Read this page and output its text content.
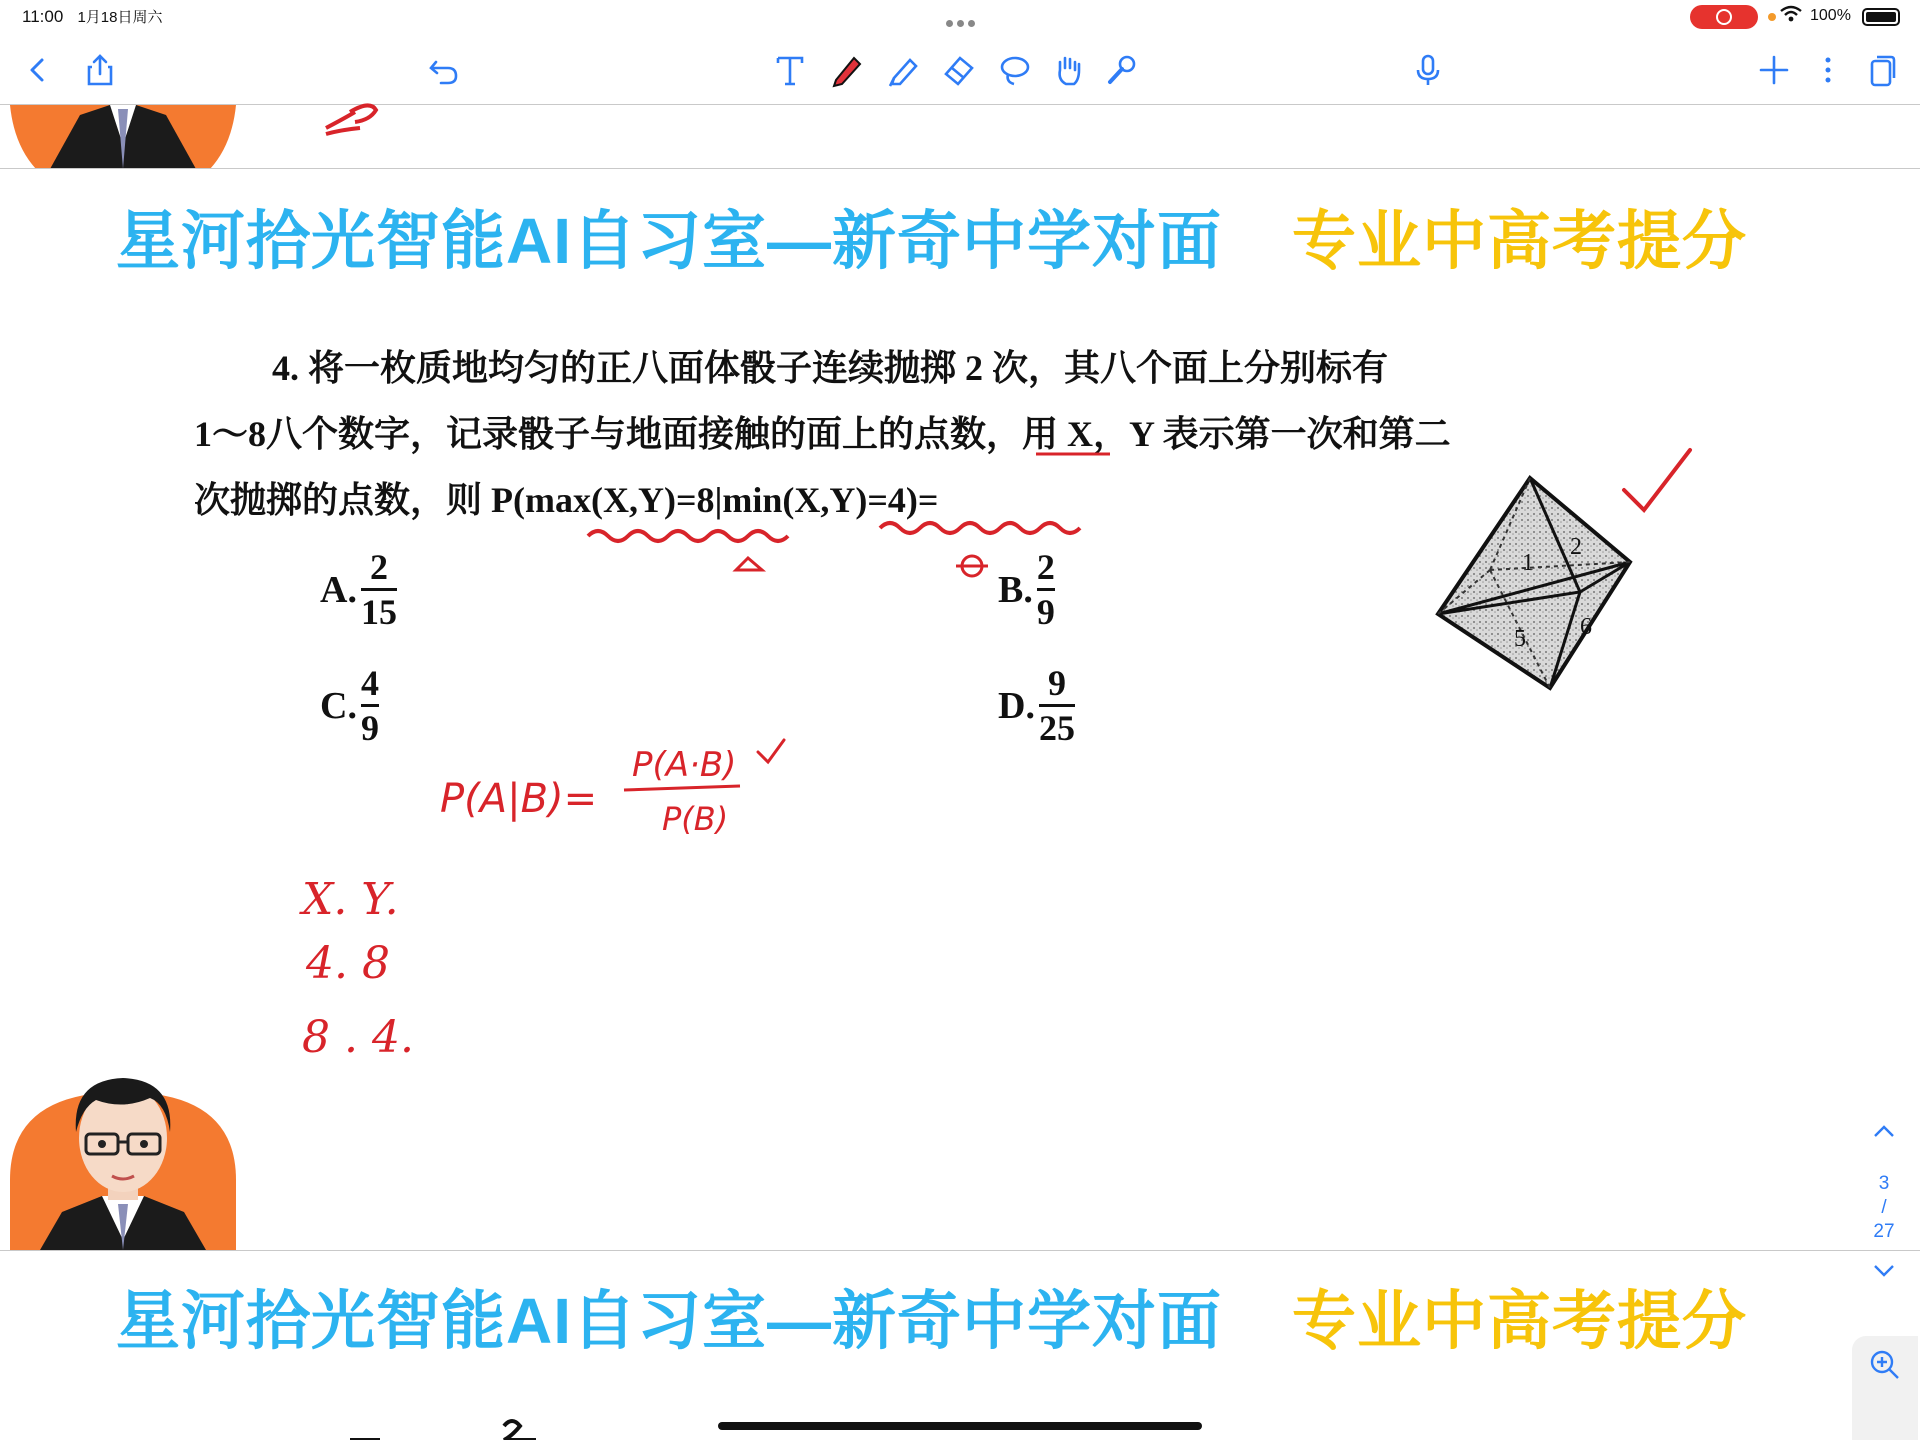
11:00 1月18日周六	100%
星河拾光智能AI自习室—新奇中学对面 专业中高考提分
4. 将一枚质地均匀的正八面体骰子连续抛掷 2 次，其八个面上分别标有
1～8八个数字，记录骰子与地面接触的面上的点数，用 X，Y 表示第一次和第二
次抛掷的点数，则 P(max(X,Y)=8|min(X,Y)=4)=
A. $\frac{2}{15}$	B. $\frac{2}{9}$
C. $\frac{4}{9}$	D. $\frac{9}{25}$
1
2
5 6
P(A|B)=
P(A·B)
P(B)
X. Y.
4. 8
8 . 4.
星河拾光智能AI自习室—新奇中学对面 专业中高考提分
3
/
27
